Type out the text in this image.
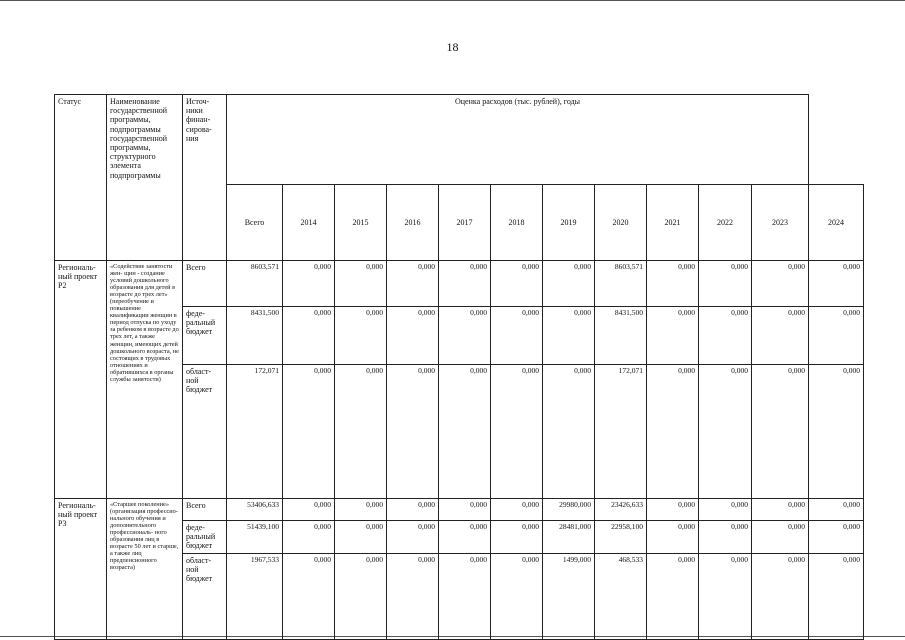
18
Статус	Наименование государственной программы, подпрограммы государственной программы, структурного элемента подпрограммы	Источ- ники финан- сирова- ния	Оценка расходов (тыс. рублей), годы											
			Всего	2014	2015	2016	2017	2018	2019	2020	2021	2022	2023	2024
Региональ- ный проект Р2	«Содействие занятости жен- щин - создание условий дошкольного образования для детей в возрасте до трех лет» (переобучение и повышение квалификации женщин в период отпуска по уходу за ребенком в возрасте до трех лет, а также женщин, имеющих детей дошкольного возраста, не состоящих в трудовых отношениях и обратившихся в органы службы занятости)	Всего	8603,571	0,000	0,000	0,000	0,000	0,000	0,000	8603,571	0,000	0,000	0,000	0,000
		феде- ральный бюджет	8431,500	0,000	0,000	0,000	0,000	0,000	0,000	8431,500	0,000	0,000	0,000	0,000
		област- ной бюджет	172,071	0,000	0,000	0,000	0,000	0,000	0,000	172,071	0,000	0,000	0,000	0,000
Региональ- ный проект Р3	«Старшее поколение» (организация профессио- нального обучения и дополнительного профессиональ- ного образования лиц в возрасте 50 лет и старше, а также лиц предпенсионного возраста)	Всего	53406,633	0,000	0,000	0,000	0,000	0,000	29980,000	23426,633	0,000	0,000	0,000	0,000
		феде- ральный бюджет	51439,100	0,000	0,000	0,000	0,000	0,000	28481,000	22958,100	0,000	0,000	0,000	0,000
		област- ной бюджет	1967,533	0,000	0,000	0,000	0,000	0,000	1499,000	468,533	0,000	0,000	0,000	0,000
